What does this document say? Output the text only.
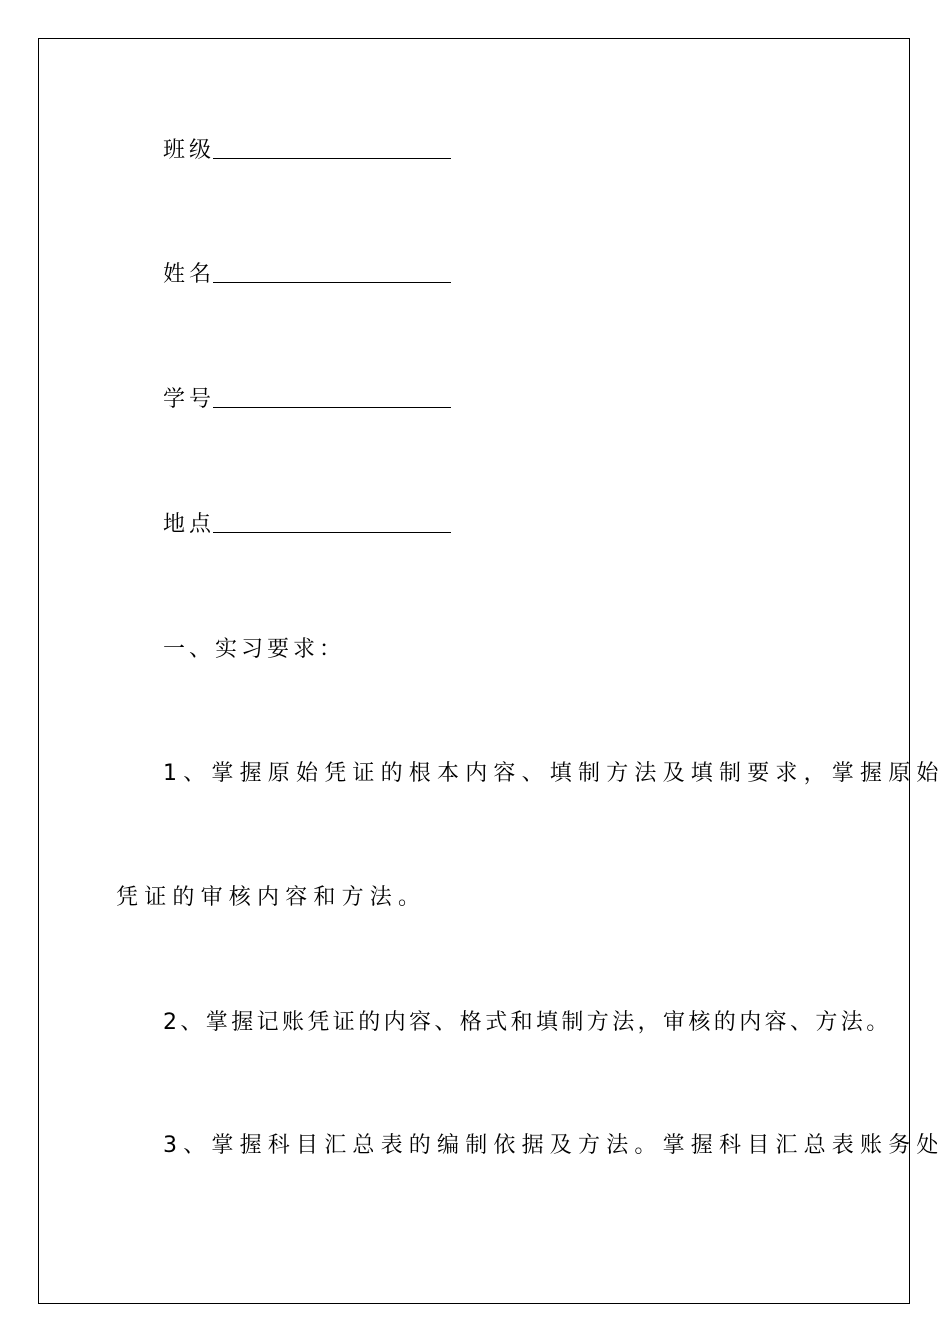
班级
姓名
学号
地点
一、实习要求：
1、掌握原始凭证的根本内容、填制方法及填制要求，掌握原始
凭证的审核内容和方法。
2、掌握记账凭证的内容、格式和填制方法，审核的内容、方法。
3、掌握科目汇总表的编制依据及方法。掌握科目汇总表账务处
